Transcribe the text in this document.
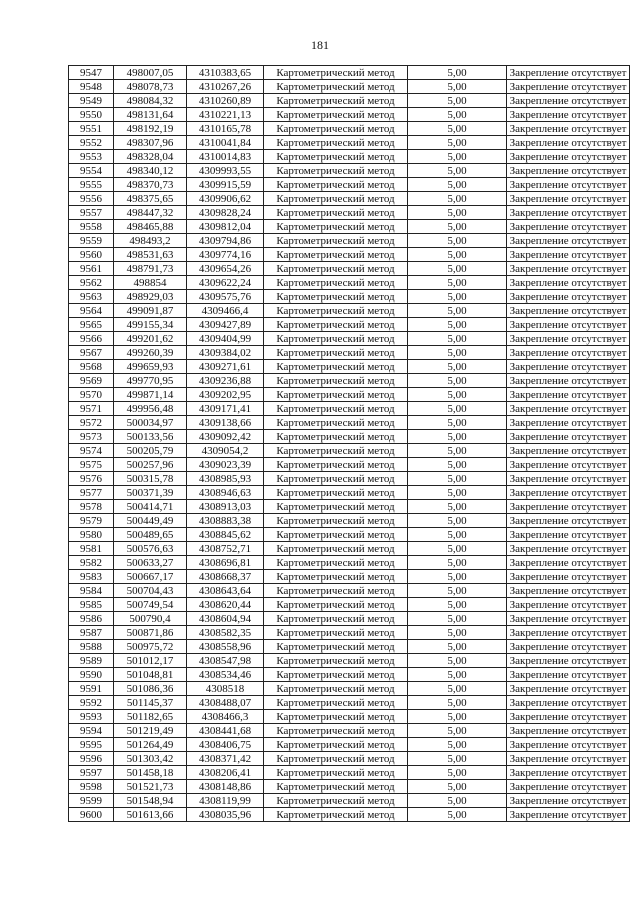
181
9547	498007,05	4310383,65	Картометрический метод	5,00	Закрепление отсутствует
9548	498078,73	4310267,26	Картометрический метод	5,00	Закрепление отсутствует
9549	498084,32	4310260,89	Картометрический метод	5,00	Закрепление отсутствует
9550	498131,64	4310221,13	Картометрический метод	5,00	Закрепление отсутствует
9551	498192,19	4310165,78	Картометрический метод	5,00	Закрепление отсутствует
9552	498307,96	4310041,84	Картометрический метод	5,00	Закрепление отсутствует
9553	498328,04	4310014,83	Картометрический метод	5,00	Закрепление отсутствует
9554	498340,12	4309993,55	Картометрический метод	5,00	Закрепление отсутствует
9555	498370,73	4309915,59	Картометрический метод	5,00	Закрепление отсутствует
9556	498375,65	4309906,62	Картометрический метод	5,00	Закрепление отсутствует
9557	498447,32	4309828,24	Картометрический метод	5,00	Закрепление отсутствует
9558	498465,88	4309812,04	Картометрический метод	5,00	Закрепление отсутствует
9559	498493,2	4309794,86	Картометрический метод	5,00	Закрепление отсутствует
9560	498531,63	4309774,16	Картометрический метод	5,00	Закрепление отсутствует
9561	498791,73	4309654,26	Картометрический метод	5,00	Закрепление отсутствует
9562	498854	4309622,24	Картометрический метод	5,00	Закрепление отсутствует
9563	498929,03	4309575,76	Картометрический метод	5,00	Закрепление отсутствует
9564	499091,87	4309466,4	Картометрический метод	5,00	Закрепление отсутствует
9565	499155,34	4309427,89	Картометрический метод	5,00	Закрепление отсутствует
9566	499201,62	4309404,99	Картометрический метод	5,00	Закрепление отсутствует
9567	499260,39	4309384,02	Картометрический метод	5,00	Закрепление отсутствует
9568	499659,93	4309271,61	Картометрический метод	5,00	Закрепление отсутствует
9569	499770,95	4309236,88	Картометрический метод	5,00	Закрепление отсутствует
9570	499871,14	4309202,95	Картометрический метод	5,00	Закрепление отсутствует
9571	499956,48	4309171,41	Картометрический метод	5,00	Закрепление отсутствует
9572	500034,97	4309138,66	Картометрический метод	5,00	Закрепление отсутствует
9573	500133,56	4309092,42	Картометрический метод	5,00	Закрепление отсутствует
9574	500205,79	4309054,2	Картометрический метод	5,00	Закрепление отсутствует
9575	500257,96	4309023,39	Картометрический метод	5,00	Закрепление отсутствует
9576	500315,78	4308985,93	Картометрический метод	5,00	Закрепление отсутствует
9577	500371,39	4308946,63	Картометрический метод	5,00	Закрепление отсутствует
9578	500414,71	4308913,03	Картометрический метод	5,00	Закрепление отсутствует
9579	500449,49	4308883,38	Картометрический метод	5,00	Закрепление отсутствует
9580	500489,65	4308845,62	Картометрический метод	5,00	Закрепление отсутствует
9581	500576,63	4308752,71	Картометрический метод	5,00	Закрепление отсутствует
9582	500633,27	4308696,81	Картометрический метод	5,00	Закрепление отсутствует
9583	500667,17	4308668,37	Картометрический метод	5,00	Закрепление отсутствует
9584	500704,43	4308643,64	Картометрический метод	5,00	Закрепление отсутствует
9585	500749,54	4308620,44	Картометрический метод	5,00	Закрепление отсутствует
9586	500790,4	4308604,94	Картометрический метод	5,00	Закрепление отсутствует
9587	500871,86	4308582,35	Картометрический метод	5,00	Закрепление отсутствует
9588	500975,72	4308558,96	Картометрический метод	5,00	Закрепление отсутствует
9589	501012,17	4308547,98	Картометрический метод	5,00	Закрепление отсутствует
9590	501048,81	4308534,46	Картометрический метод	5,00	Закрепление отсутствует
9591	501086,36	4308518	Картометрический метод	5,00	Закрепление отсутствует
9592	501145,37	4308488,07	Картометрический метод	5,00	Закрепление отсутствует
9593	501182,65	4308466,3	Картометрический метод	5,00	Закрепление отсутствует
9594	501219,49	4308441,68	Картометрический метод	5,00	Закрепление отсутствует
9595	501264,49	4308406,75	Картометрический метод	5,00	Закрепление отсутствует
9596	501303,42	4308371,42	Картометрический метод	5,00	Закрепление отсутствует
9597	501458,18	4308206,41	Картометрический метод	5,00	Закрепление отсутствует
9598	501521,73	4308148,86	Картометрический метод	5,00	Закрепление отсутствует
9599	501548,94	4308119,99	Картометрический метод	5,00	Закрепление отсутствует
9600	501613,66	4308035,96	Картометрический метод	5,00	Закрепление отсутствует
